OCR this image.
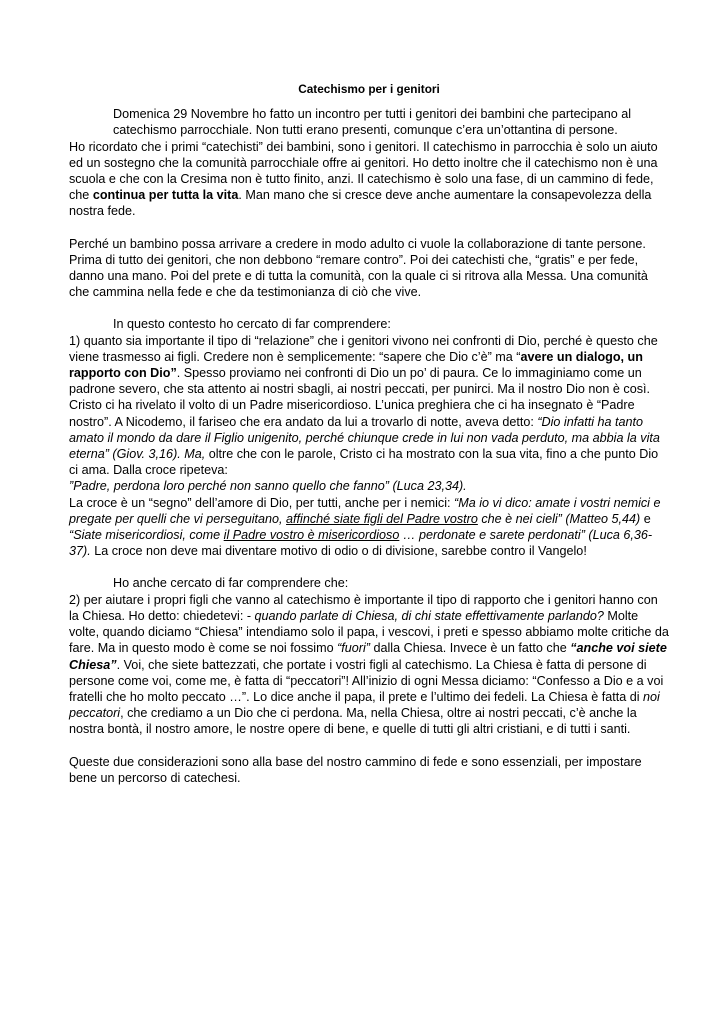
Catechismo per i genitori

Domenica 29 Novembre ho fatto un incontro per tutti i genitori dei bambini che partecipano al catechismo parrocchiale. Non tutti erano presenti, comunque c’era un’ottantina di persone.

Ho ricordato che i primi “catechisti” dei bambini, sono i genitori. Il catechismo in parrocchia è solo un aiuto ed un sostegno che la comunità parrocchiale offre ai genitori. Ho detto inoltre che il catechismo non è una scuola e che con la Cresima non è tutto finito, anzi. Il catechismo è solo una fase, di un cammino di fede, che continua per tutta la vita. Man mano che si cresce deve anche aumentare la consapevolezza della nostra fede.

Perché un bambino possa arrivare a credere in modo adulto ci vuole la collaborazione di tante persone. Prima di tutto dei genitori, che non debbono “remare contro”. Poi dei catechisti che, “gratis” e per fede, danno una mano. Poi del prete e di tutta la comunità, con la quale ci si ritrova alla Messa. Una comunità che cammina nella fede e che da testimonianza di ciò che vive.

In questo contesto ho cercato di far comprendere:

1) quanto sia importante il tipo di “relazione” che i genitori vivono nei confronti di Dio, perché è questo che viene trasmesso ai figli. Credere non è semplicemente: “sapere che Dio c’è” ma “avere un dialogo, un rapporto con Dio”. Spesso proviamo nei confronti di Dio un po’ di paura. Ce lo immaginiamo come un padrone severo, che sta attento ai nostri sbagli, ai nostri peccati, per punirci. Ma il nostro Dio non è così. Cristo ci ha rivelato il volto di un Padre misericordioso. L’unica preghiera che ci ha insegnato è “Padre nostro”. A Nicodemo, il fariseo che era andato da lui a trovarlo di notte, aveva detto: “Dio infatti ha tanto amato il mondo da dare il Figlio unigenito, perché chiunque crede in lui non vada perduto, ma abbia la vita eterna” (Giov. 3,16). Ma, oltre che con le parole, Cristo ci ha mostrato con la sua vita, fino a che punto Dio ci ama. Dalla croce ripeteva:

”Padre, perdona loro perché non sanno quello che fanno” (Luca 23,34).

La croce è un “segno” dell’amore di Dio, per tutti, anche per i nemici: “Ma io vi dico: amate i vostri nemici e pregate per quelli che vi perseguitano, affinché siate figli del Padre vostro che è nei cieli” (Matteo 5,44) e “Siate misericordiosi, come il Padre vostro è misericordioso … perdonate e sarete perdonati” (Luca 6,36-37). La croce non deve mai diventare motivo di odio o di divisione, sarebbe contro il Vangelo!

Ho anche cercato di far comprendere che:

2) per aiutare i propri figli che vanno al catechismo è importante il tipo di rapporto che i genitori hanno con la Chiesa. Ho detto: chiedetevi: - quando parlate di Chiesa, di chi state effettivamente parlando? Molte volte, quando diciamo “Chiesa” intendiamo solo il papa, i vescovi, i preti e spesso abbiamo molte critiche da fare. Ma in questo modo è come se noi fossimo “fuori” dalla Chiesa. Invece è un fatto che “anche voi siete Chiesa”. Voi, che siete battezzati, che portate i vostri figli al catechismo. La Chiesa è fatta di persone di persone come voi, come me, è fatta di “peccatori”! All’inizio di ogni Messa diciamo: “Confesso a Dio e a voi fratelli che ho molto peccato …”. Lo dice anche il papa, il prete e l’ultimo dei fedeli. La Chiesa è fatta di noi peccatori, che crediamo a un Dio che ci perdona. Ma, nella Chiesa, oltre ai nostri peccati, c’è anche la nostra bontà, il nostro amore, le nostre opere di bene, e quelle di tutti gli altri cristiani, e di tutti i santi.

Queste due considerazioni sono alla base del nostro cammino di fede e sono essenziali, per impostare bene un percorso di catechesi.
